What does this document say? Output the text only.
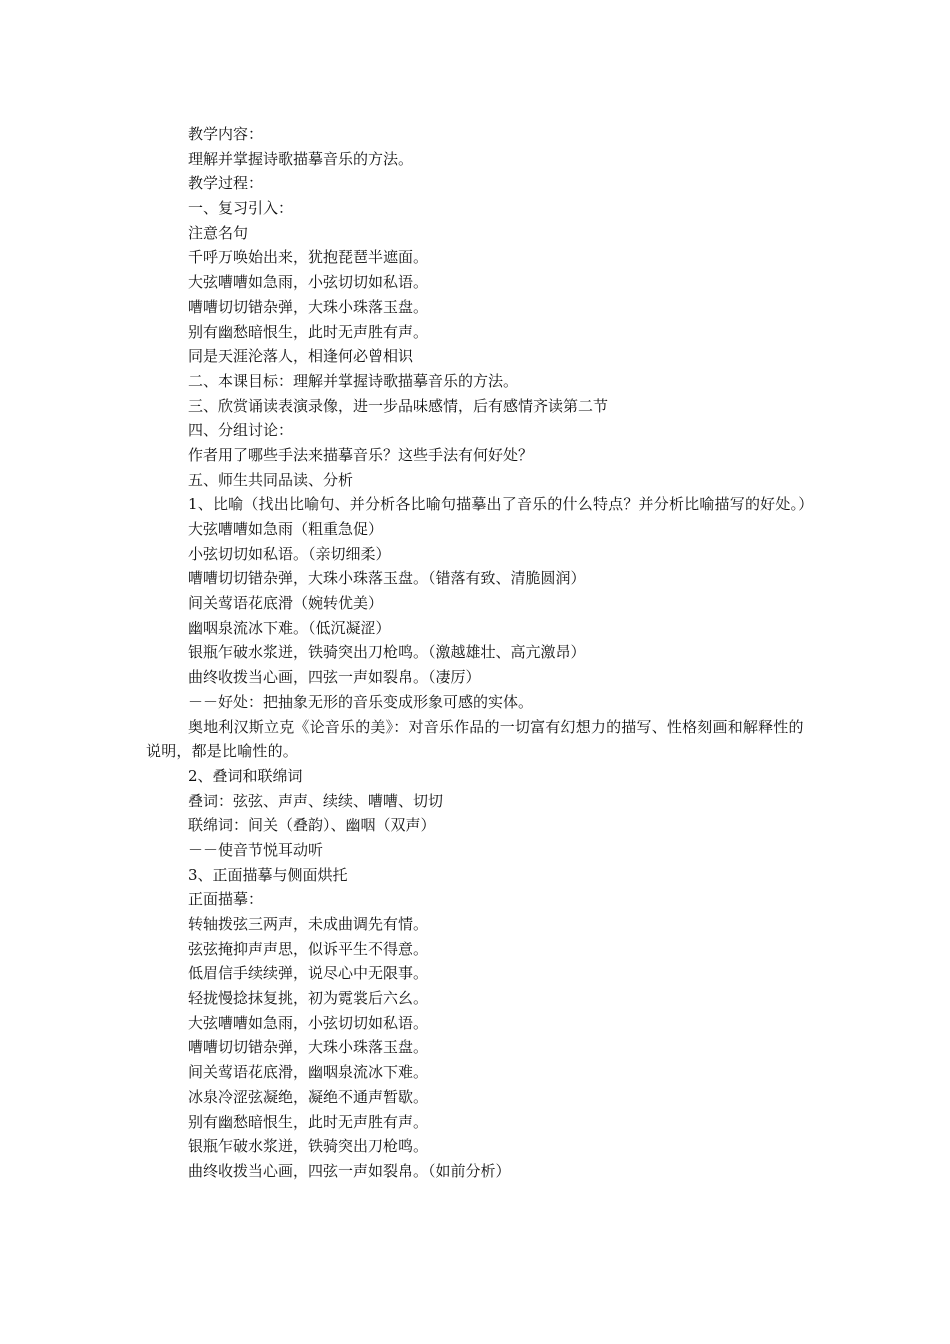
教学内容：
理解并掌握诗歌描摹音乐的方法。
教学过程：
一、复习引入：
注意名句
千呼万唤始出来，犹抱琵琶半遮面。
大弦嘈嘈如急雨，小弦切切如私语。
嘈嘈切切错杂弹，大珠小珠落玉盘。
别有幽愁暗恨生，此时无声胜有声。
同是天涯沦落人，相逢何必曾相识
二、本课目标：理解并掌握诗歌描摹音乐的方法。
三、欣赏诵读表演录像，进一步品味感情，后有感情齐读第二节
四、分组讨论：
作者用了哪些手法来描摹音乐？这些手法有何好处？
五、师生共同品读、分析
1、比喻（找出比喻句、并分析各比喻句描摹出了音乐的什么特点？并分析比喻描写的好处。）
大弦嘈嘈如急雨（粗重急促）
小弦切切如私语。（亲切细柔）
嘈嘈切切错杂弹，大珠小珠落玉盘。（错落有致、清脆圆润）
间关莺语花底滑（婉转优美）
幽咽泉流冰下难。（低沉凝涩）
银瓶乍破水浆迸，铁骑突出刀枪鸣。（激越雄壮、高亢激昂）
曲终收拨当心画，四弦一声如裂帛。（凄厉）
－－好处：把抽象无形的音乐变成形象可感的实体。
奥地利汉斯立克《论音乐的美》：对音乐作品的一切富有幻想力的描写、性格刻画和解释性的说明，都是比喻性的。
2、叠词和联绵词
叠词：弦弦、声声、续续、嘈嘈、切切
联绵词：间关（叠韵）、幽咽（双声）
－－使音节悦耳动听
3、正面描摹与侧面烘托
正面描摹：
转轴拨弦三两声，未成曲调先有情。
弦弦掩抑声声思，似诉平生不得意。
低眉信手续续弹，说尽心中无限事。
轻拢慢捻抹复挑，初为霓裳后六幺。
大弦嘈嘈如急雨，小弦切切如私语。
嘈嘈切切错杂弹，大珠小珠落玉盘。
间关莺语花底滑，幽咽泉流冰下难。
冰泉冷涩弦凝绝，凝绝不通声暂歇。
别有幽愁暗恨生，此时无声胜有声。
银瓶乍破水浆迸，铁骑突出刀枪鸣。
曲终收拨当心画，四弦一声如裂帛。（如前分析）
